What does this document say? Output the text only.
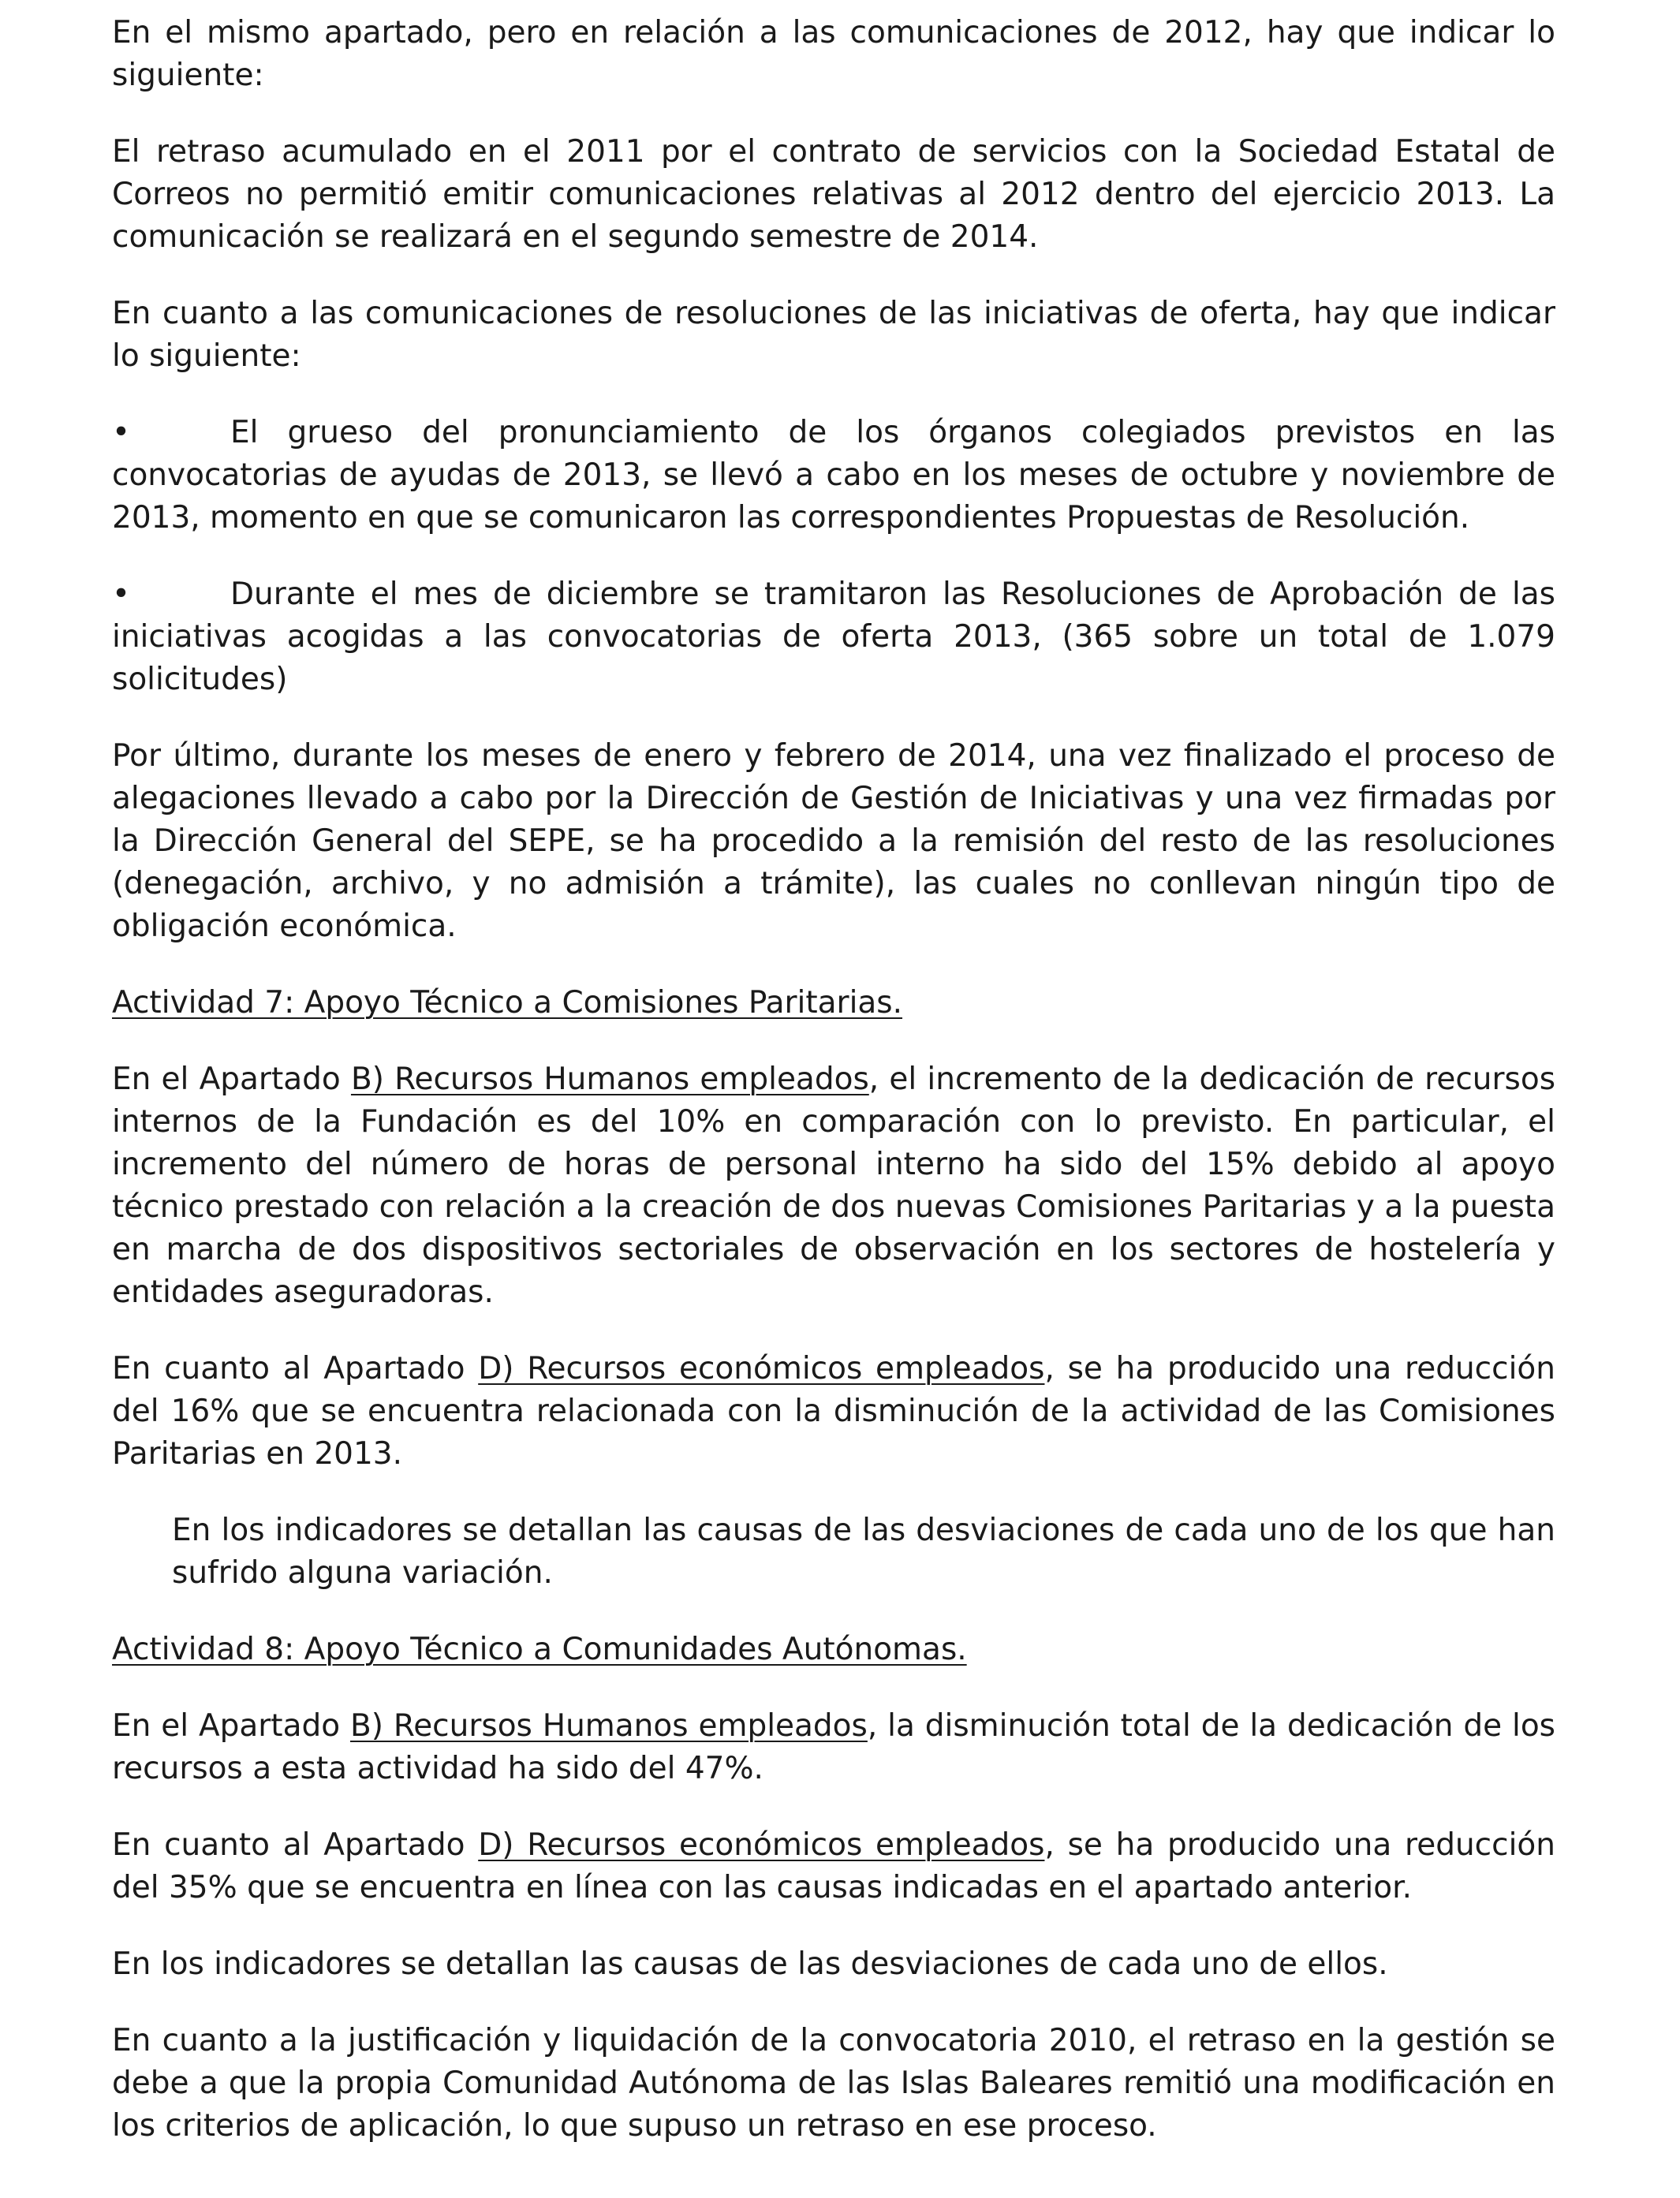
En el mismo apartado, pero en relación a las comunicaciones de 2012, hay que indicar lo siguiente:

El retraso acumulado en el 2011 por el contrato de servicios con la Sociedad Estatal de Correos no permitió emitir comunicaciones relativas al 2012 dentro del ejercicio 2013. La comunicación se realizará en el segundo semestre de 2014.

En cuanto a las comunicaciones de resoluciones de las iniciativas de oferta, hay que indicar lo siguiente:

•	El grueso del pronunciamiento de los órganos colegiados previstos en las convocatorias de ayudas de 2013, se llevó a cabo en los meses de octubre y noviembre de 2013, momento en que se comunicaron las correspondientes Propuestas de Resolución.

•	Durante el mes de diciembre se tramitaron las Resoluciones de Aprobación de las iniciativas acogidas a las convocatorias de oferta 2013, (365 sobre un total de 1.079 solicitudes)

Por último, durante los meses de enero y febrero de 2014, una vez finalizado el proceso de alegaciones llevado a cabo por la Dirección de Gestión de Iniciativas y una vez firmadas por la Dirección General del SEPE, se ha procedido a la remisión del resto de las resoluciones (denegación, archivo, y no admisión a trámite), las cuales no conllevan ningún tipo de obligación económica.

Actividad 7: Apoyo Técnico a Comisiones Paritarias.

En el Apartado B) Recursos Humanos empleados, el incremento de la dedicación de recursos internos de la Fundación es del 10% en comparación con lo previsto. En particular, el incremento del número de horas de personal interno ha sido del 15% debido al apoyo técnico prestado con relación a la creación de dos nuevas Comisiones Paritarias y a la puesta en marcha de dos dispositivos sectoriales de observación en los sectores de hostelería y entidades aseguradoras.

En cuanto al Apartado D) Recursos económicos empleados, se ha producido una reducción del 16% que se encuentra relacionada con la disminución de la actividad de las Comisiones Paritarias en 2013.

En los indicadores se detallan las causas de las desviaciones de cada uno de los que han sufrido alguna variación.

Actividad 8: Apoyo Técnico a Comunidades Autónomas.

En el Apartado B) Recursos Humanos empleados, la disminución total de la dedicación de los recursos a esta actividad ha sido del 47%.

En cuanto al Apartado D) Recursos económicos empleados, se ha producido una reducción del 35% que se encuentra en línea con las causas indicadas en el apartado anterior.

En los indicadores se detallan las causas de las desviaciones de cada uno de ellos.

En cuanto a la justificación y liquidación de la convocatoria 2010, el retraso en la gestión se debe a que la propia Comunidad Autónoma de las Islas Baleares remitió una modificación en los criterios de aplicación, lo que supuso un retraso en ese proceso.
